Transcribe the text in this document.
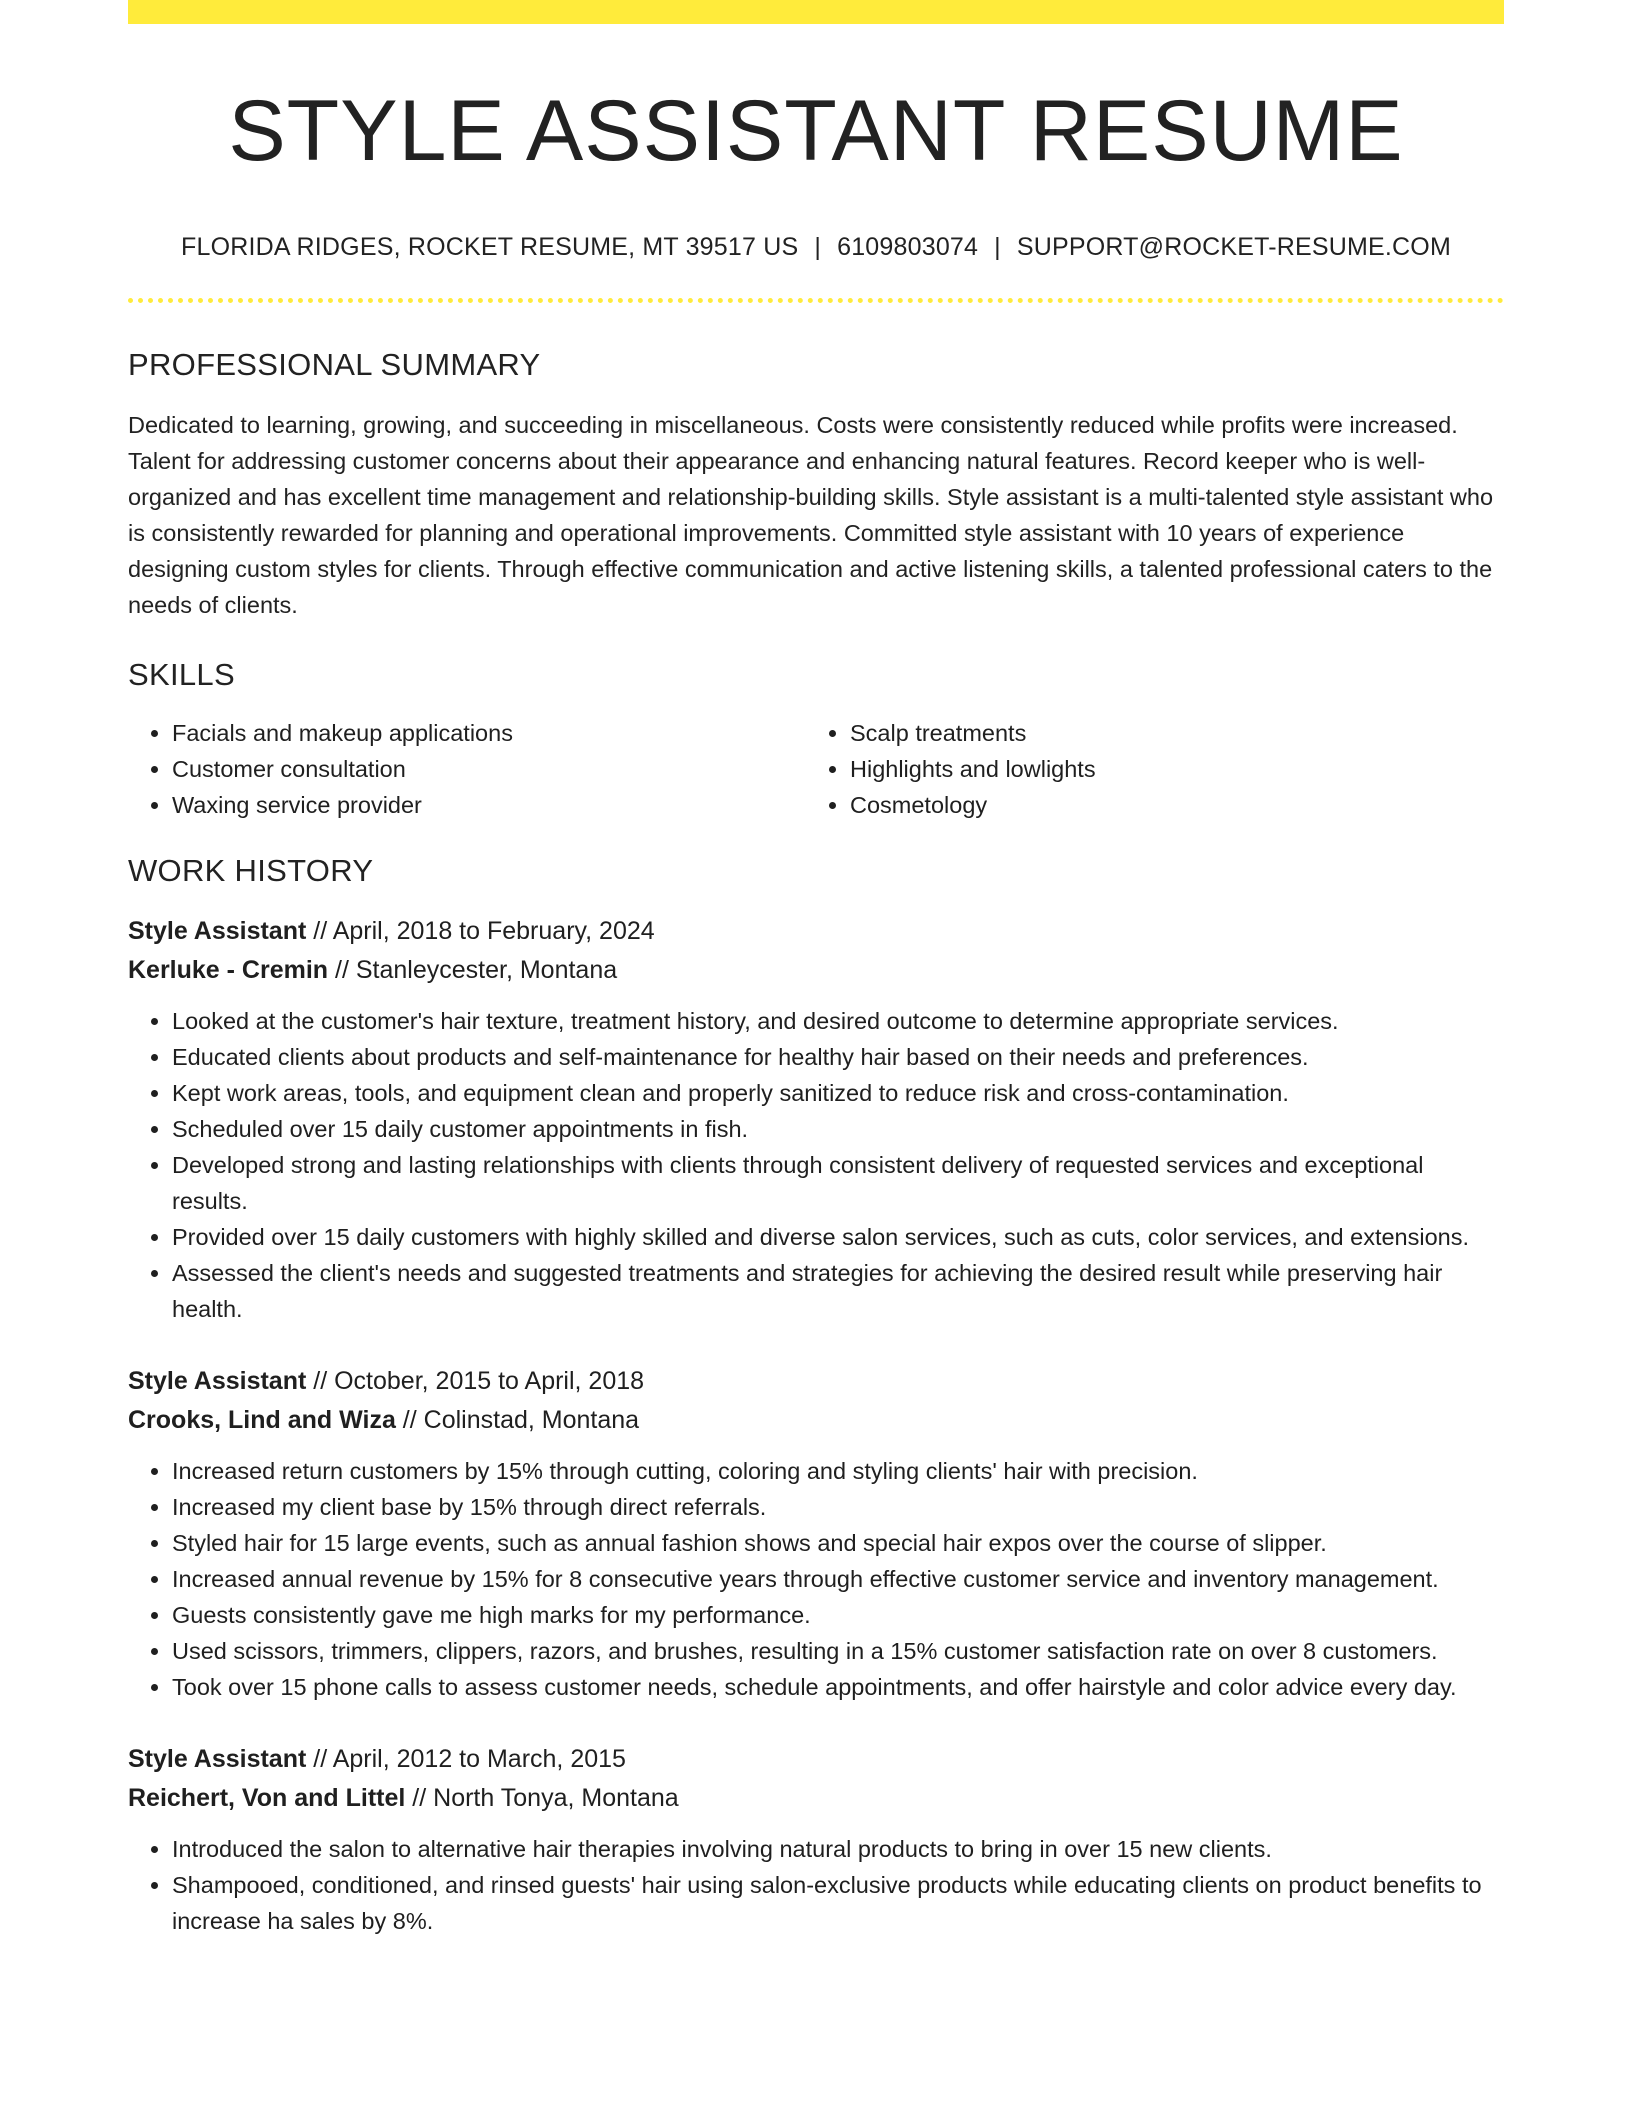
STYLE ASSISTANT RESUME
FLORIDA RIDGES, ROCKET RESUME, MT 39517 US | 6109803074 | SUPPORT@ROCKET-RESUME.COM
PROFESSIONAL SUMMARY

Dedicated to learning, growing, and succeeding in miscellaneous. Costs were consistently reduced while profits were increased. Talent for addressing customer concerns about their appearance and enhancing natural features. Record keeper who is well-organized and has excellent time management and relationship-building skills. Style assistant is a multi-talented style assistant who is consistently rewarded for planning and operational improvements. Committed style assistant with 10 years of experience designing custom styles for clients. Through effective communication and active listening skills, a talented professional caters to the needs of clients.

SKILLS
• Facials and makeup applications
• Customer consultation
• Waxing service provider
• Scalp treatments
• Highlights and lowlights
• Cosmetology
WORK HISTORY
Style Assistant // April, 2018 to February, 2024
Kerluke - Cremin // Stanleycester, Montana
• Looked at the customer's hair texture, treatment history, and desired outcome to determine appropriate services.
• Educated clients about products and self-maintenance for healthy hair based on their needs and preferences.
• Kept work areas, tools, and equipment clean and properly sanitized to reduce risk and cross-contamination.
• Scheduled over 15 daily customer appointments in fish.
• Developed strong and lasting relationships with clients through consistent delivery of requested services and exceptional results.
• Provided over 15 daily customers with highly skilled and diverse salon services, such as cuts, color services, and extensions.
• Assessed the client's needs and suggested treatments and strategies for achieving the desired result while preserving hair health.
Style Assistant // October, 2015 to April, 2018
Crooks, Lind and Wiza // Colinstad, Montana
• Increased return customers by 15% through cutting, coloring and styling clients' hair with precision.
• Increased my client base by 15% through direct referrals.
• Styled hair for 15 large events, such as annual fashion shows and special hair expos over the course of slipper.
• Increased annual revenue by 15% for 8 consecutive years through effective customer service and inventory management.
• Guests consistently gave me high marks for my performance.
• Used scissors, trimmers, clippers, razors, and brushes, resulting in a 15% customer satisfaction rate on over 8 customers.
• Took over 15 phone calls to assess customer needs, schedule appointments, and offer hairstyle and color advice every day.
Style Assistant // April, 2012 to March, 2015
Reichert, Von and Littel // North Tonya, Montana
• Introduced the salon to alternative hair therapies involving natural products to bring in over 15 new clients.
• Shampooed, conditioned, and rinsed guests' hair using salon-exclusive products while educating clients on product benefits to increase ha sales by 8%.
